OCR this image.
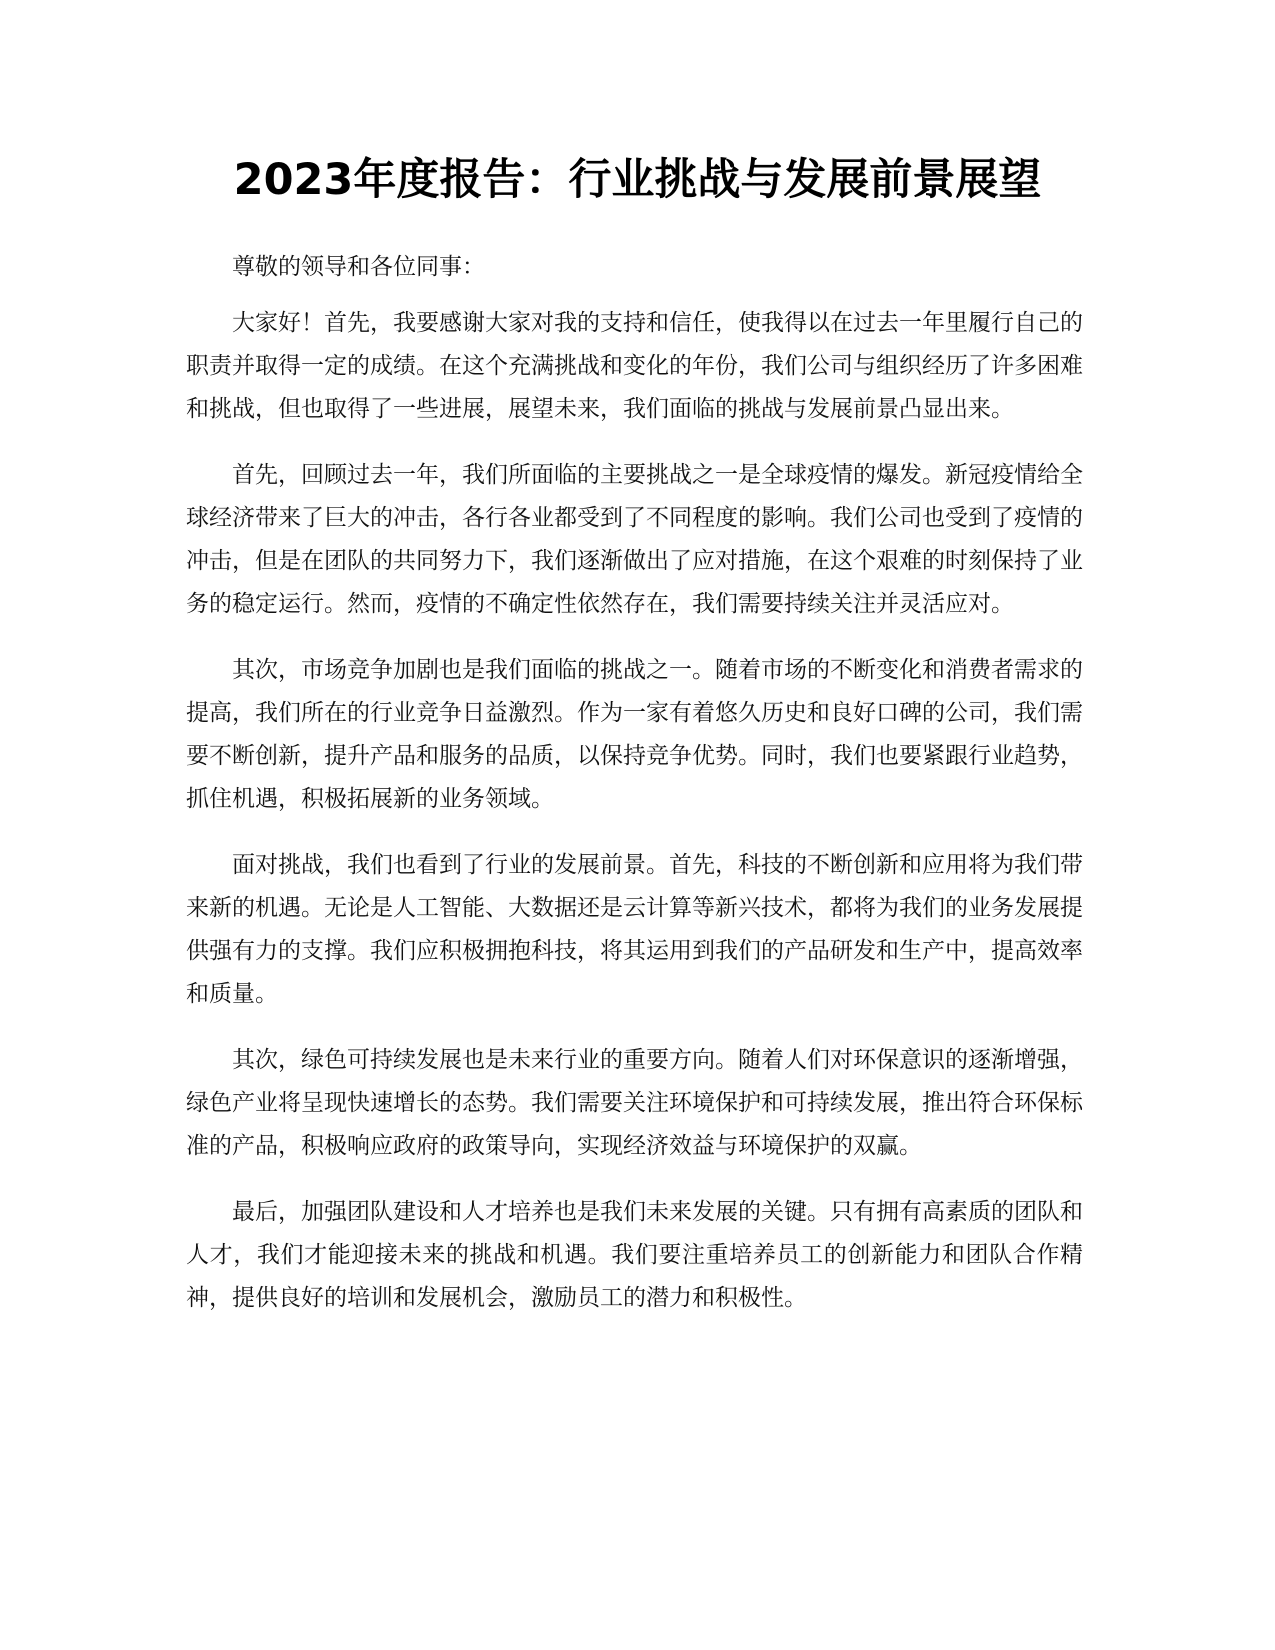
2023年度报告：行业挑战与发展前景展望

尊敬的领导和各位同事：

大家好！首先，我要感谢大家对我的支持和信任，使我得以在过去一年里履行自己的职责并取得一定的成绩。在这个充满挑战和变化的年份，我们公司与组织经历了许多困难和挑战，但也取得了一些进展，展望未来，我们面临的挑战与发展前景凸显出来。

首先，回顾过去一年，我们所面临的主要挑战之一是全球疫情的爆发。新冠疫情给全球经济带来了巨大的冲击，各行各业都受到了不同程度的影响。我们公司也受到了疫情的冲击，但是在团队的共同努力下，我们逐渐做出了应对措施，在这个艰难的时刻保持了业务的稳定运行。然而，疫情的不确定性依然存在，我们需要持续关注并灵活应对。

其次，市场竞争加剧也是我们面临的挑战之一。随着市场的不断变化和消费者需求的提高，我们所在的行业竞争日益激烈。作为一家有着悠久历史和良好口碑的公司，我们需要不断创新，提升产品和服务的品质，以保持竞争优势。同时，我们也要紧跟行业趋势，抓住机遇，积极拓展新的业务领域。

面对挑战，我们也看到了行业的发展前景。首先，科技的不断创新和应用将为我们带来新的机遇。无论是人工智能、大数据还是云计算等新兴技术，都将为我们的业务发展提供强有力的支撑。我们应积极拥抱科技，将其运用到我们的产品研发和生产中，提高效率和质量。

其次，绿色可持续发展也是未来行业的重要方向。随着人们对环保意识的逐渐增强，绿色产业将呈现快速增长的态势。我们需要关注环境保护和可持续发展，推出符合环保标准的产品，积极响应政府的政策导向，实现经济效益与环境保护的双赢。

最后，加强团队建设和人才培养也是我们未来发展的关键。只有拥有高素质的团队和人才，我们才能迎接未来的挑战和机遇。我们要注重培养员工的创新能力和团队合作精神，提供良好的培训和发展机会，激励员工的潜力和积极性。
